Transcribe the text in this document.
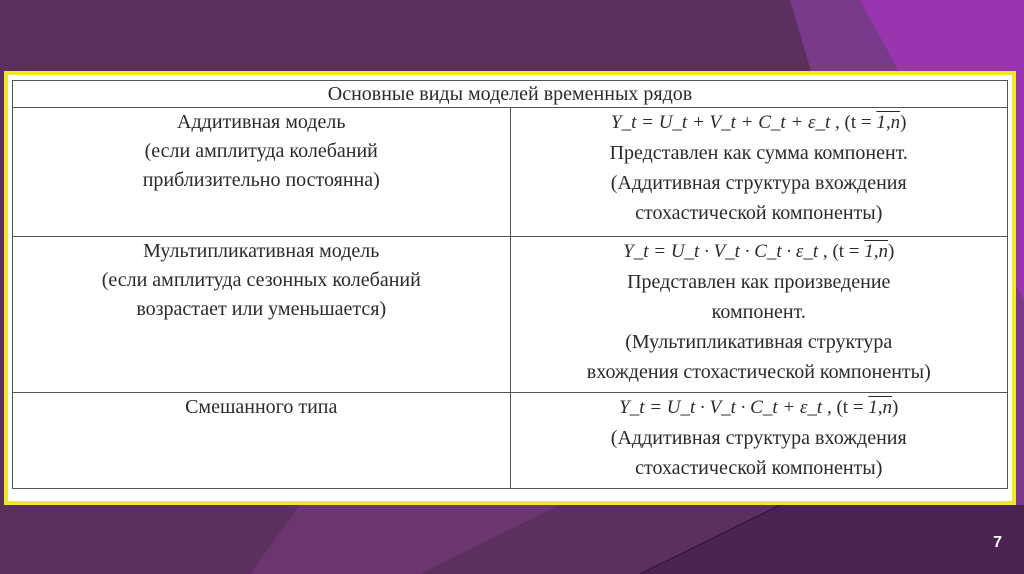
Основные виды моделей временных рядов	

Аддитивная модель
(если амплитуда колебаний
приблизительно постоянна)	Y_t = U_t + V_t + C_t + ε_t , (t = 1,n)
Представлен как сумма компонент.
(Аддитивная структура вхождения
стохастической компоненты)

Мультипликативная модель
(если амплитуда сезонных колебаний
возрастает или уменьшается)	Y_t = U_t · V_t · C_t · ε_t , (t = 1,n)
Представлен как произведение
компонент.
(Мультипликативная структура
вхождения стохастической компоненты)

Смешанного типа	Y_t = U_t · V_t · C_t + ε_t , (t = 1,n)
(Аддитивная структура вхождения
стохастической компоненты)
7
